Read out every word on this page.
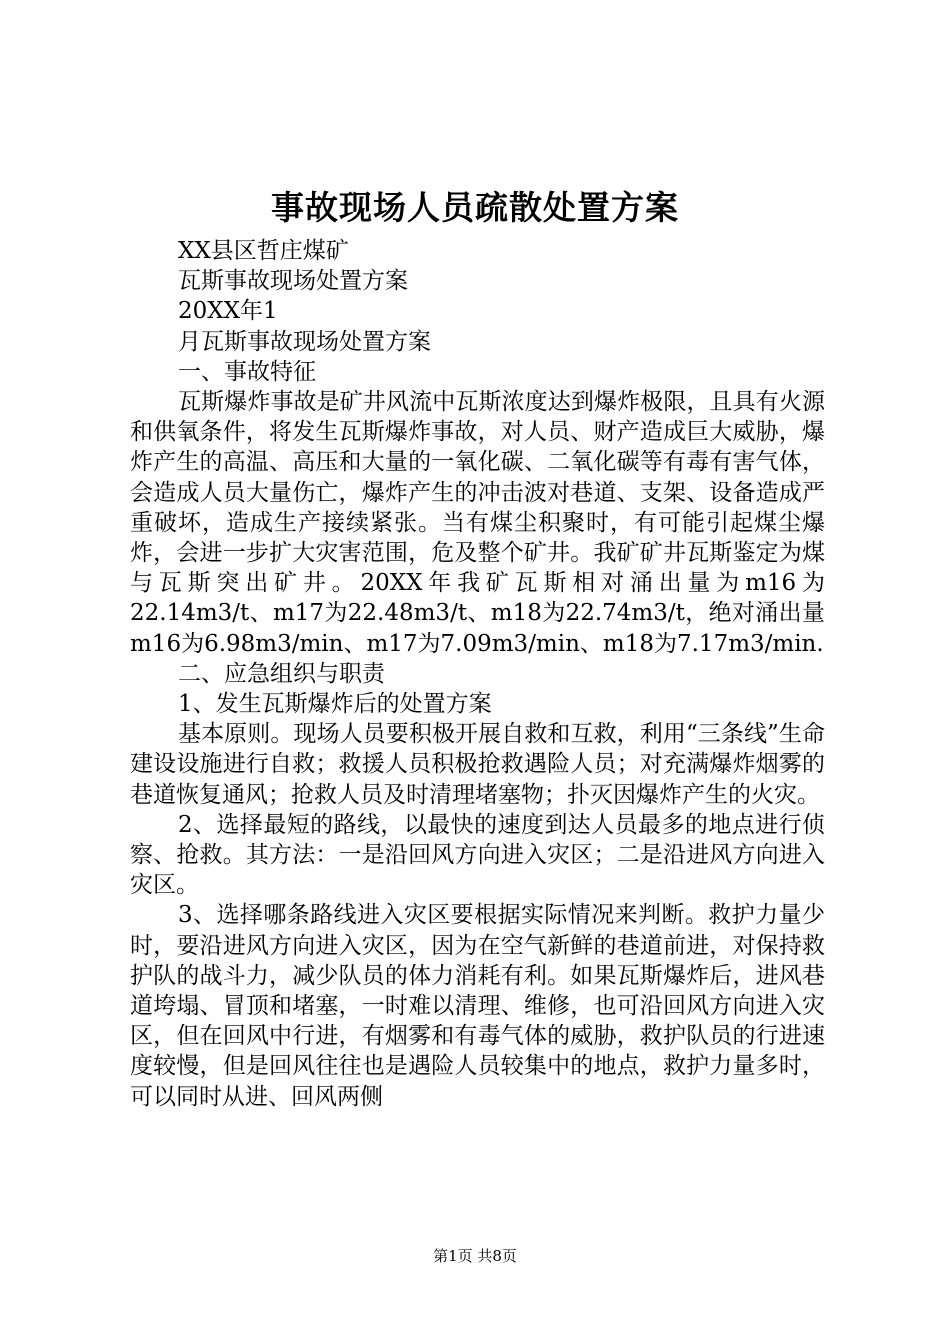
事故现场人员疏散处置方案
XX县区哲庄煤矿
瓦斯事故现场处置方案
20XX年1
月瓦斯事故现场处置方案
一、事故特征
瓦斯爆炸事故是矿井风流中瓦斯浓度达到爆炸极限，且具有火源和供氧条件，将发生瓦斯爆炸事故，对人员、财产造成巨大威胁，爆炸产生的高温、高压和大量的一氧化碳、二氧化碳等有毒有害气体，会造成人员大量伤亡，爆炸产生的冲击波对巷道、支架、设备造成严重破坏，造成生产接续紧张。当有煤尘积聚时，有可能引起煤尘爆炸，会进一步扩大灾害范围，危及整个矿井。我矿矿井瓦斯鉴定为煤与瓦斯突出矿井。20XX年我矿瓦斯相对涌出量为m16为22.14m3/t、m17为22.48m3/t、m18为22.74m3/t，绝对涌出量m16为6.98m3/min、m17为7.09m3/min、m18为7.17m3/min.
二、应急组织与职责
1、发生瓦斯爆炸后的处置方案
基本原则。现场人员要积极开展自救和互救，利用“三条线”生命建设设施进行自救；救援人员积极抢救遇险人员；对充满爆炸烟雾的巷道恢复通风；抢救人员及时清理堵塞物；扑灭因爆炸产生的火灾。
2、选择最短的路线，以最快的速度到达人员最多的地点进行侦察、抢救。其方法：一是沿回风方向进入灾区；二是沿进风方向进入灾区。
3、选择哪条路线进入灾区要根据实际情况来判断。救护力量少时，要沿进风方向进入灾区，因为在空气新鲜的巷道前进，对保持救护队的战斗力，减少队员的体力消耗有利。如果瓦斯爆炸后，进风巷道垮塌、冒顶和堵塞，一时难以清理、维修，也可沿回风方向进入灾区，但在回风中行进，有烟雾和有毒气体的威胁，救护队员的行进速度较慢，但是回风往往也是遇险人员较集中的地点，救护力量多时，可以同时从进、回风两侧
第1页 共8页
